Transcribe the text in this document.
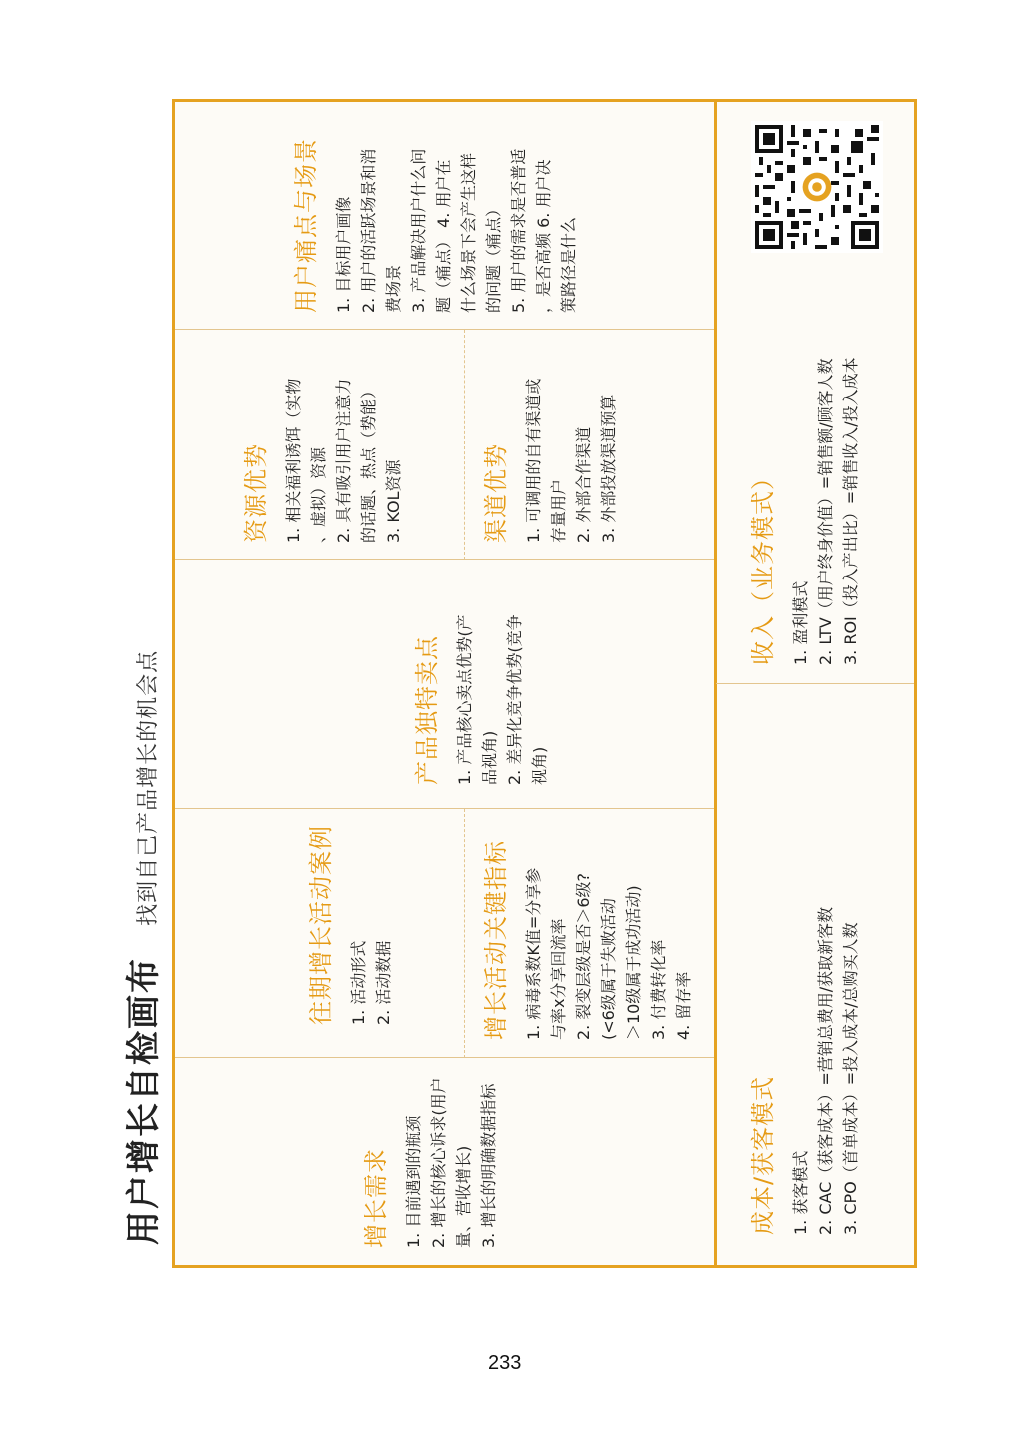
用户增长自检画布 找到自己产品增长的机会点
增长需求 1. 目前遇到的瓶颈 2. 增长的核心诉求(用户 量、营收增长) 3. 增长的明确数据指标
往期增长活动案例 1. 活动形式 2. 活动数据	增长活动关键指标 1. 病毒系数K值=分享参 与率x分享回流率 2. 裂变层级是否＞6级? (<6级属于失败活动 ＞10级属于成功活动) 3. 付费转化率 4. 留存率
产品独特卖点 1. 产品核心卖点优势(产 品视角) 2. 差异化竞争优势(竞争 视角)
资源优势 1. 相关福利诱饵（实物 、虚拟）资源 2. 具有吸引用户注意力 的话题、热点（势能） 3. KOL资源	渠道优势 1. 可调用的自有渠道或 存量用户 2. 外部合作渠道 3. 外部投放渠道预算
用户痛点与场景 1. 目标用户画像 2. 用户的活跃场景和消 费场景 3. 产品解决用户什么问 题（痛点） 4. 用户在 什么场景下会产生这样 的问题（痛点） 5. 用户的需求是否普适 ，是否高频 6. 用户决 策路径是什么
成本/获客模式 1. 获客模式 2. CAC（获客成本）=营销总费用/获取新客数 3. CPO（首单成本）=投入成本/总购买人数
收入（业务模式） 1. 盈利模式 2. LTV（用户终身价值）=销售额/顾客人数 3. ROI（投入产出比）=销售收入/投入成本
233
